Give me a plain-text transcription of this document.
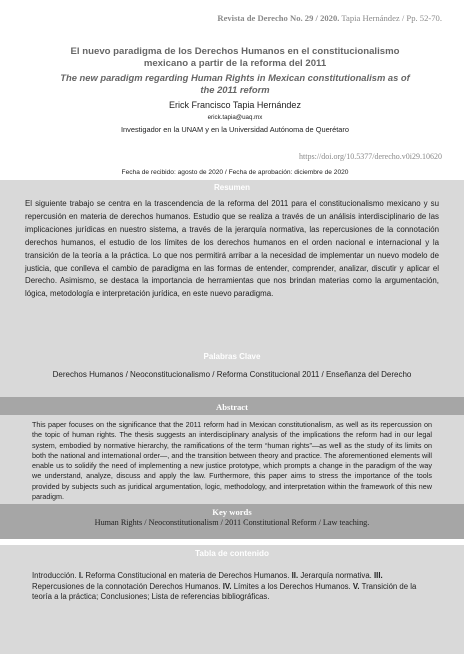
Revista de Derecho No. 29 / 2020. Tapia Hernández / Pp. 52-70.
El nuevo paradigma de los Derechos Humanos en el constitucionalismo
mexicano a partir de la reforma del 2011
The new paradigm regarding Human Rights in Mexican constitutionalism as of
the 2011 reform
Erick Francisco Tapia Hernández
erick.tapia@uaq.mx
Investigador en la UNAM y en la Universidad Autónoma de Querétaro
https://doi.org/10.5377/derecho.v0i29.10620
Fecha de recibido: agosto de 2020 / Fecha de aprobación: diciembre de 2020
Resumen
El siguiente trabajo se centra en la trascendencia de la reforma del 2011 para el constitucionalismo mexicano y su repercusión en materia de derechos humanos. Estudio que se realiza a través de un análisis interdisciplinario de las implicaciones jurídicas en nuestro sistema, a través de la jerarquía normativa, las repercusiones de la connotación derechos humanos, el estudio de los límites de los derechos humanos en el orden nacional e internacional y la transición de la teoría a la práctica. Lo que nos permitirá arribar a la necesidad de implementar un nuevo modelo de justicia, que conlleva el cambio de paradigma en las formas de entender, comprender, analizar, discutir y aplicar el Derecho. Asimismo, se destaca la importancia de herramientas que nos brindan materias como la argumentación, lógica, metodología e interpretación jurídica, en este nuevo paradigma.
Palabras Clave
Derechos Humanos / Neoconstitucionalismo / Reforma Constitucional 2011 / Enseñanza del Derecho
Abstract
This paper focuses on the significance that the 2011 reform had in Mexican constitutionalism, as well as its repercussion on the topic of human rights. The thesis suggests an interdisciplinary analysis of the implications the reform had in our legal system, embodied by normative hierarchy, the ramifications of the term “human rights”—as well as the study of its limits on both the national and international order—, and the transition between theory and practice. The aforementioned elements will enable us to solidify the need of implementing a new justice prototype, which prompts a change in the paradigm of the way we understand, analyze, discuss and apply the law. Furthermore, this paper aims to stress the importance of the tools provided by subjects such as juridical argumentation, logic, methodology, and interpretation within the framework of this new paradigm.
Key words
Human Rights / Neoconstitutionalism / 2011 Constitutional Reform / Law teaching.
Tabla de contenido
Introducción. I. Reforma Constitucional en materia de Derechos Humanos. II. Jerarquía normativa. III. Repercusiones de la connotación Derechos Humanos. IV. Límites a los Derechos Humanos. V. Transición de la teoría a la práctica; Conclusiones; Lista de referencias bibliográficas.
